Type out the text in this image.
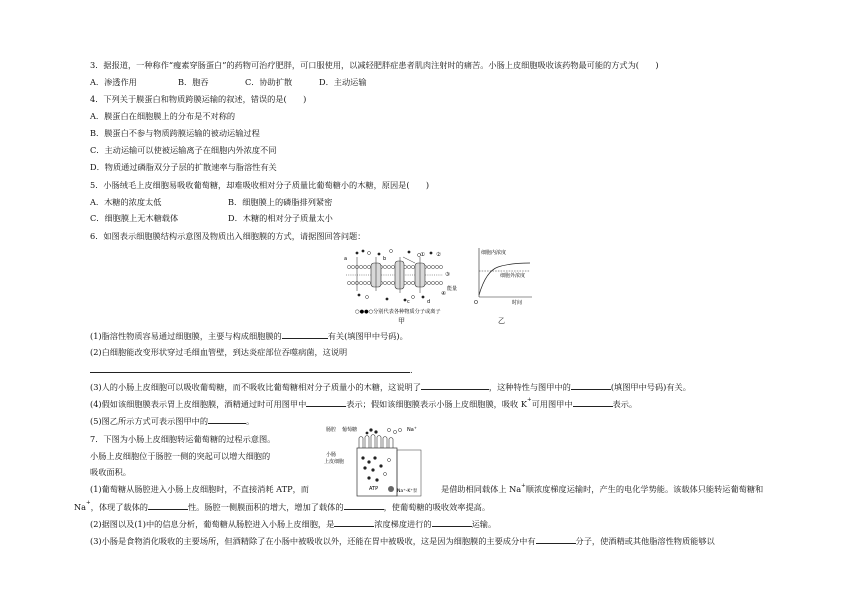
3．据报道，一种称作“瘦素穿肠蛋白”的药物可治疗肥胖，可口服使用，以减轻肥胖症患者肌肉注射时的痛苦。小肠上皮细胞吸收该药物最可能的方式为(　　)
A．渗透作用	B．胞吞	C．协助扩散	D．主动运输
4．下列关于膜蛋白和物质跨膜运输的叙述，错误的是(　　)
A．膜蛋白在细胞膜上的分布是不对称的
B．膜蛋白不参与物质跨膜运输的被动运输过程
C．主动运输可以使被运输离子在细胞内外浓度不同
D．物质通过磷脂双分子层的扩散速率与脂溶性有关
5．小肠绒毛上皮细胞易吸收葡萄糖，却难吸收相对分子质量比葡萄糖小的木糖，原因是(　　)
A．木糖的浓度太低	B．细胞膜上的磷脂排列紧密
C．细胞膜上无木糖载体	D．木糖的相对分子质量太小
6．如图表示细胞膜结构示意图及物质出入细胞膜的方式，请据图回答问题：
a	b
c	d
① ②
③
④
能量
○●●○分别代表各种物质分子或离子
甲
细胞内浓度
细胞外浓度
时间
O
乙
(1)脂溶性物质容易通过细胞膜，主要与构成细胞膜的	有关(填图甲中号码)。
(2)白细胞能改变形状穿过毛细血管壁，到达炎症部位吞噬病菌，这说明
.
(3)人的小肠上皮细胞可以吸收葡萄糖，而不吸收比葡萄糖相对分子质量小的木糖，这说明了	，这种特性与图甲中的	(填图甲中号码)有关。
(4)假如该细胞膜表示胃上皮细胞膜，酒精通过时可用图甲中	表示；假如该细胞膜表示小肠上皮细胞膜，吸收 K+可用图甲中	表示。
(5)图乙所示方式可表示图甲中的	。
7．下图为小肠上皮细胞转运葡萄糖的过程示意图。
小肠上皮细胞位于肠腔一侧的突起可以增大细胞的
吸收面积。
肠腔 葡萄糖	Na+
小肠
上皮细胞
ATP	Na⁺-K⁺泵
(1)葡萄糖从肠腔进入小肠上皮细胞时，不直接消耗 ATP，而	是借助相同载体上 Na+顺浓度梯度运输时，产生的电化学势能。该载体只能转运葡萄糖和
Na+，体现了载体的	性。肠腔一侧膜面积的增大，增加了载体的	，使葡萄糖的吸收效率提高。
(2)据图以及(1)中的信息分析，葡萄糖从肠腔进入小肠上皮细胞，是	浓度梯度进行的	运输。
(3)小肠是食物消化吸收的主要场所，但酒精除了在小肠中被吸收以外，还能在胃中被吸收，这是因为细胞膜的主要成分中有	分子，使酒精或其他脂溶性物质能够以
